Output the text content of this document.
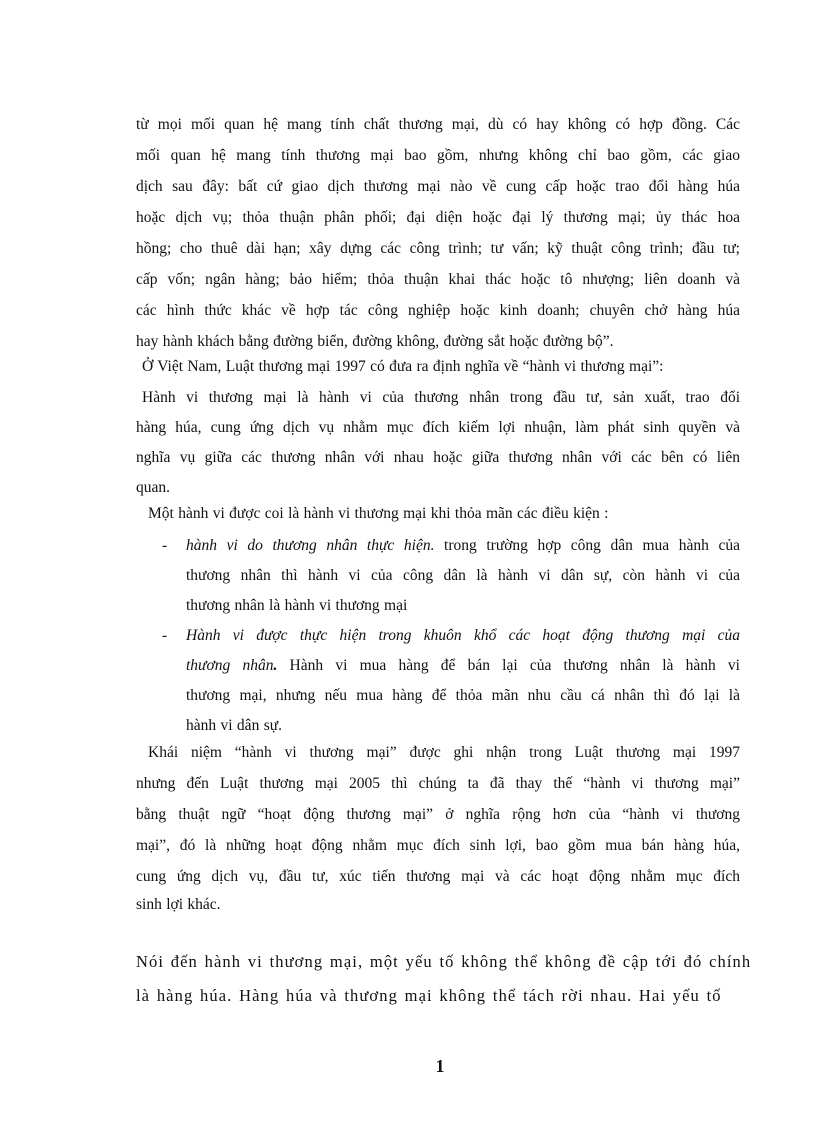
từ mọi mối quan hệ mang tính chất thương mại, dù có hay không có hợp đồng. Các
mối quan hệ mang tính thương mại bao gồm, nhưng không chỉ bao gồm, các giao
dịch sau đây: bất cứ giao dịch thương mại nào về cung cấp hoặc trao đổi hàng húa
hoặc dịch vụ; thỏa thuận phân phối; đại diện hoặc đại lý thương mại; ủy thác hoa
hồng; cho thuê dài hạn; xây dựng các công trình; tư vấn; kỹ thuật công trình; đầu tư;
cấp vốn; ngân hàng; bảo hiểm; thỏa thuận khai thác hoặc tô nhượng; liên doanh và
các hình thức khác về hợp tác công nghiệp hoặc kinh doanh; chuyên chở hàng húa
hay hành khách bằng đường biển, đường không, đường sắt hoặc đường bộ”.
Ở Việt Nam, Luật thương mại 1997 có đưa ra định nghĩa về “hành vi thương mại”:
Hành vi thương mại là hành vi của thương nhân trong đầu tư, sản xuất, trao đổi
hàng húa, cung ứng dịch vụ nhằm mục đích kiếm lợi nhuận, làm phát sinh quyền và
nghĩa vụ giữa các thương nhân với nhau hoặc giữa thương nhân với các bên có liên
quan.
Một hành vi được coi là hành vi thương mại khi thỏa mãn các điều kiện :
- hành vi do thương nhân thực hiện. trong trường hợp công dân mua hành của
thương nhân thì hành vi của công dân là hành vi dân sự, còn hành vi của
thương nhân là hành vi thương mại
- Hành vi được thực hiện trong khuôn khổ các hoạt động thương mại của
thương nhân. Hành vi mua hàng để bán lại của thương nhân là hành vi
thương mại, nhưng nếu mua hàng để thỏa mãn nhu cầu cá nhân thì đó lại là
hành vi dân sự.
Khái niệm “hành vi thương mại” được ghi nhận trong Luật thương mại 1997
nhưng đến Luật thương mại 2005 thì chúng ta đã thay thế “hành vi thương mại”
bằng thuật ngữ “hoạt động thương mại” ở nghĩa rộng hơn của “hành vi thương
mại”, đó là những hoạt động nhằm mục đích sinh lợi, bao gồm mua bán hàng húa,
cung ứng dịch vụ, đầu tư, xúc tiến thương mại và các hoạt động nhằm mục đích
sinh lợi khác.
Nói đến hành vi thương mại, một yếu tố không thể không đề cập tới đó chính
là hàng húa. Hàng húa và thương mại không thể tách rời nhau. Hai yếu tố
1
